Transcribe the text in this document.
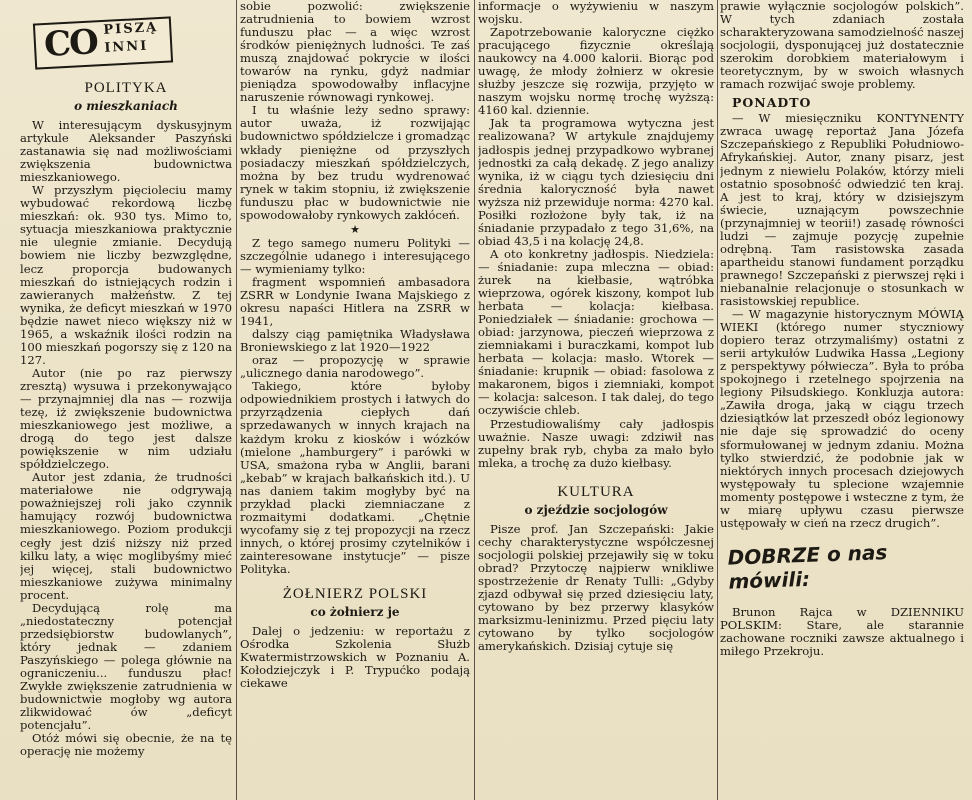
CO PISZĄ
INNI
POLITYKA
o mieszkaniach

W interesującym dyskusyjnym artykule Aleksander Paszyński zastanawia się nad możliwościami zwiększenia budownictwa mieszkaniowego.

W przyszłym pięcioleciu mamy wybudować rekordową liczbę mieszkań: ok. 930 tys. Mimo to, sytuacja mieszkaniowa praktycznie nie ulegnie zmianie. Decydują bowiem nie liczby bezwzględne, lecz proporcja budowanych mieszkań do istniejących rodzin i zawieranych małżeństw. Z tej wynika, że deficyt mieszkań w 1970 będzie nawet nieco większy niż w 1965, a wskaźnik ilości rodzin na 100 mieszkań pogorszy się z 120 na 127.

Autor (nie po raz pierwszy zresztą) wysuwa i przekonywająco — przynajmniej dla nas — rozwija tezę, iż zwiększenie budownictwa mieszkaniowego jest możliwe, a drogą do tego jest dalsze powiększenie w nim udziału spółdzielczego.

Autor jest zdania, że trudności materiałowe nie odgrywają poważniejszej roli jako czynnik hamujący rozwój budownictwa mieszkaniowego. Poziom produkcji cegły jest dziś niższy niż przed kilku laty, a więc moglibyśmy mieć jej więcej, stali budownictwo mieszkaniowe zużywa minimalny procent.

Decydującą rolę ma „niedostateczny potencjał przedsiębiorstw budowlanych”, który jednak — zdaniem Paszyńskiego — polega głównie na ograniczeniu... funduszu płac! Zwykłe zwiększenie zatrudnienia w budownictwie mogłoby wg autora zlikwidować ów „deficyt potencjału”.

Otóż mówi się obecnie, że na tę operację nie możemy

sobie pozwolić: zwiększenie zatrudnienia to bowiem wzrost funduszu płac — a więc wzrost środków pieniężnych ludności. Te zaś muszą znajdować pokrycie w ilości towarów na rynku, gdyż nadmiar pieniądza spowodowałby inflacyjne naruszenie równowagi rynkowej.

I tu właśnie leży sedno sprawy: autor uważa, iż rozwijając budownictwo spółdzielcze i gromadząc wkłady pieniężne od przyszłych posiadaczy mieszkań spółdzielczych, można by bez trudu wydrenować rynek w takim stopniu, iż zwiększenie funduszu płac w budownictwie nie spowodowałoby rynkowych zakłóceń.

★

Z tego samego numeru Polityki — szczególnie udanego i interesującego — wymieniamy tylko:

fragment wspomnień ambasadora ZSRR w Londynie Iwana Majskiego z okresu napaści Hitlera na ZSRR w 1941,

dalszy ciąg pamiętnika Władysława Broniewskiego z lat 1920—1922

oraz — propozycję w sprawie „ulicznego dania narodowego”.

Takiego, które byłoby odpowiednikiem prostych i łatwych do przyrządzenia ciepłych dań sprzedawanych w innych krajach na każdym kroku z kiosków i wózków (mielone „hamburgery” i parówki w USA, smażona ryba w Anglii, barani „kebab” w krajach bałkańskich itd.). U nas daniem takim mogłyby być na przykład placki ziemniaczane z rozmaitymi dodatkami. „Chętnie wycofamy się z tej propozycji na rzecz innych, o której prosimy czytelników i zainteresowane instytucje” — pisze Polityka.

ŻOŁNIERZ POLSKI
co żołnierz je

Dalej o jedzeniu: w reportażu z Ośrodka Szkolenia Służb Kwatermistrzowskich w Poznaniu A. Kołodziejczyk i P. Trypućko podają ciekawe

informacje o wyżywieniu w naszym wojsku.

Zapotrzebowanie kaloryczne ciężko pracującego fizycznie określają naukowcy na 4.000 kalorii. Biorąc pod uwagę, że młody żołnierz w okresie służby jeszcze się rozwija, przyjęto w naszym wojsku normę trochę wyższą: 4160 kal. dziennie.

Jak ta programowa wytyczna jest realizowana? W artykule znajdujemy jadłospis jednej przypadkowo wybranej jednostki za całą dekadę. Z jego analizy wynika, iż w ciągu tych dziesięciu dni średnia kaloryczność była nawet wyższa niż przewiduje norma: 4270 kal. Posiłki rozłożone były tak, iż na śniadanie przypadało z tego 31,6%, na obiad 43,5 i na kolację 24,8.

A oto konkretny jadłospis. Niedziela: — śniadanie: zupa mleczna — obiad: żurek na kiełbasie, wątróbka wieprzowa, ogórek kiszony, kompot lub herbata — kolacja: kiełbasa. Poniedziałek — śniadanie: grochowa — obiad: jarzynowa, pieczeń wieprzowa z ziemniakami i buraczkami, kompot lub herbata — kolacja: masło. Wtorek — śniadanie: krupnik — obiad: fasolowa z makaronem, bigos i ziemniaki, kompot — kolacja: salceson. I tak dalej, do tego oczywiście chleb.

Przestudiowaliśmy cały jadłospis uważnie. Nasze uwagi: zdziwił nas zupełny brak ryb, chyba za mało było mleka, a trochę za dużo kiełbasy.

KULTURA
o zjeździe socjologów

Pisze prof. Jan Szczepański: Jakie cechy charakterystyczne współczesnej socjologii polskiej przejawiły się w toku obrad? Przytoczę najpierw wnikliwe spostrzeżenie dr Renaty Tulli: „Gdyby zjazd odbywał się przed dziesięciu laty, cytowano by bez przerwy klasyków marksizmu-leninizmu. Przed pięciu laty cytowano by tylko socjologów amerykańskich. Dzisiaj cytuje się

prawie wyłącznie socjologów polskich”. W tych zdaniach została scharakteryzowana samodzielność naszej socjologii, dysponującej już dostatecznie szerokim dorobkiem materiałowym i teoretycznym, by w swoich własnych ramach rozwijać swoje problemy.

PONADTO

— W miesięczniku KONTYNENTY zwraca uwagę reportaż Jana Józefa Szczepańskiego z Republiki Południowo-Afrykańskiej. Autor, znany pisarz, jest jednym z niewielu Polaków, którzy mieli ostatnio sposobność odwiedzić ten kraj. A jest to kraj, który w dzisiejszym świecie, uznającym powszechnie (przynajmniej w teorii!) zasadę równości ludzi — zajmuje pozycję zupełnie odrębną. Tam rasistowska zasada apartheidu stanowi fundament porządku prawnego! Szczepański z pierwszej ręki i niebanalnie relacjonuje o stosunkach w rasistowskiej republice.

— W magazynie historycznym MÓWIĄ WIEKI (którego numer styczniowy dopiero teraz otrzymaliśmy) ostatni z serii artykułów Ludwika Hassa „Legiony z perspektywy półwiecza”. Była to próba spokojnego i rzetelnego spojrzenia na legiony Piłsudskiego. Konkluzja autora: „Zawiła droga, jaką w ciągu trzech dziesiątków lat przeszedł obóz legionowy nie daje się sprowadzić do oceny sformułowanej w jednym zdaniu. Można tylko stwierdzić, że podobnie jak w niektórych innych procesach dziejowych występowały tu splecione wzajemnie momenty postępowe i wsteczne z tym, że w miarę upływu czasu pierwsze ustępowały w cień na rzecz drugich”.

DOBRZE o nas mówili:

Brunon Rajca w DZIENNIKU POLSKIM: Stare, ale starannie zachowane roczniki zawsze aktualnego i miłego Przekroju.
